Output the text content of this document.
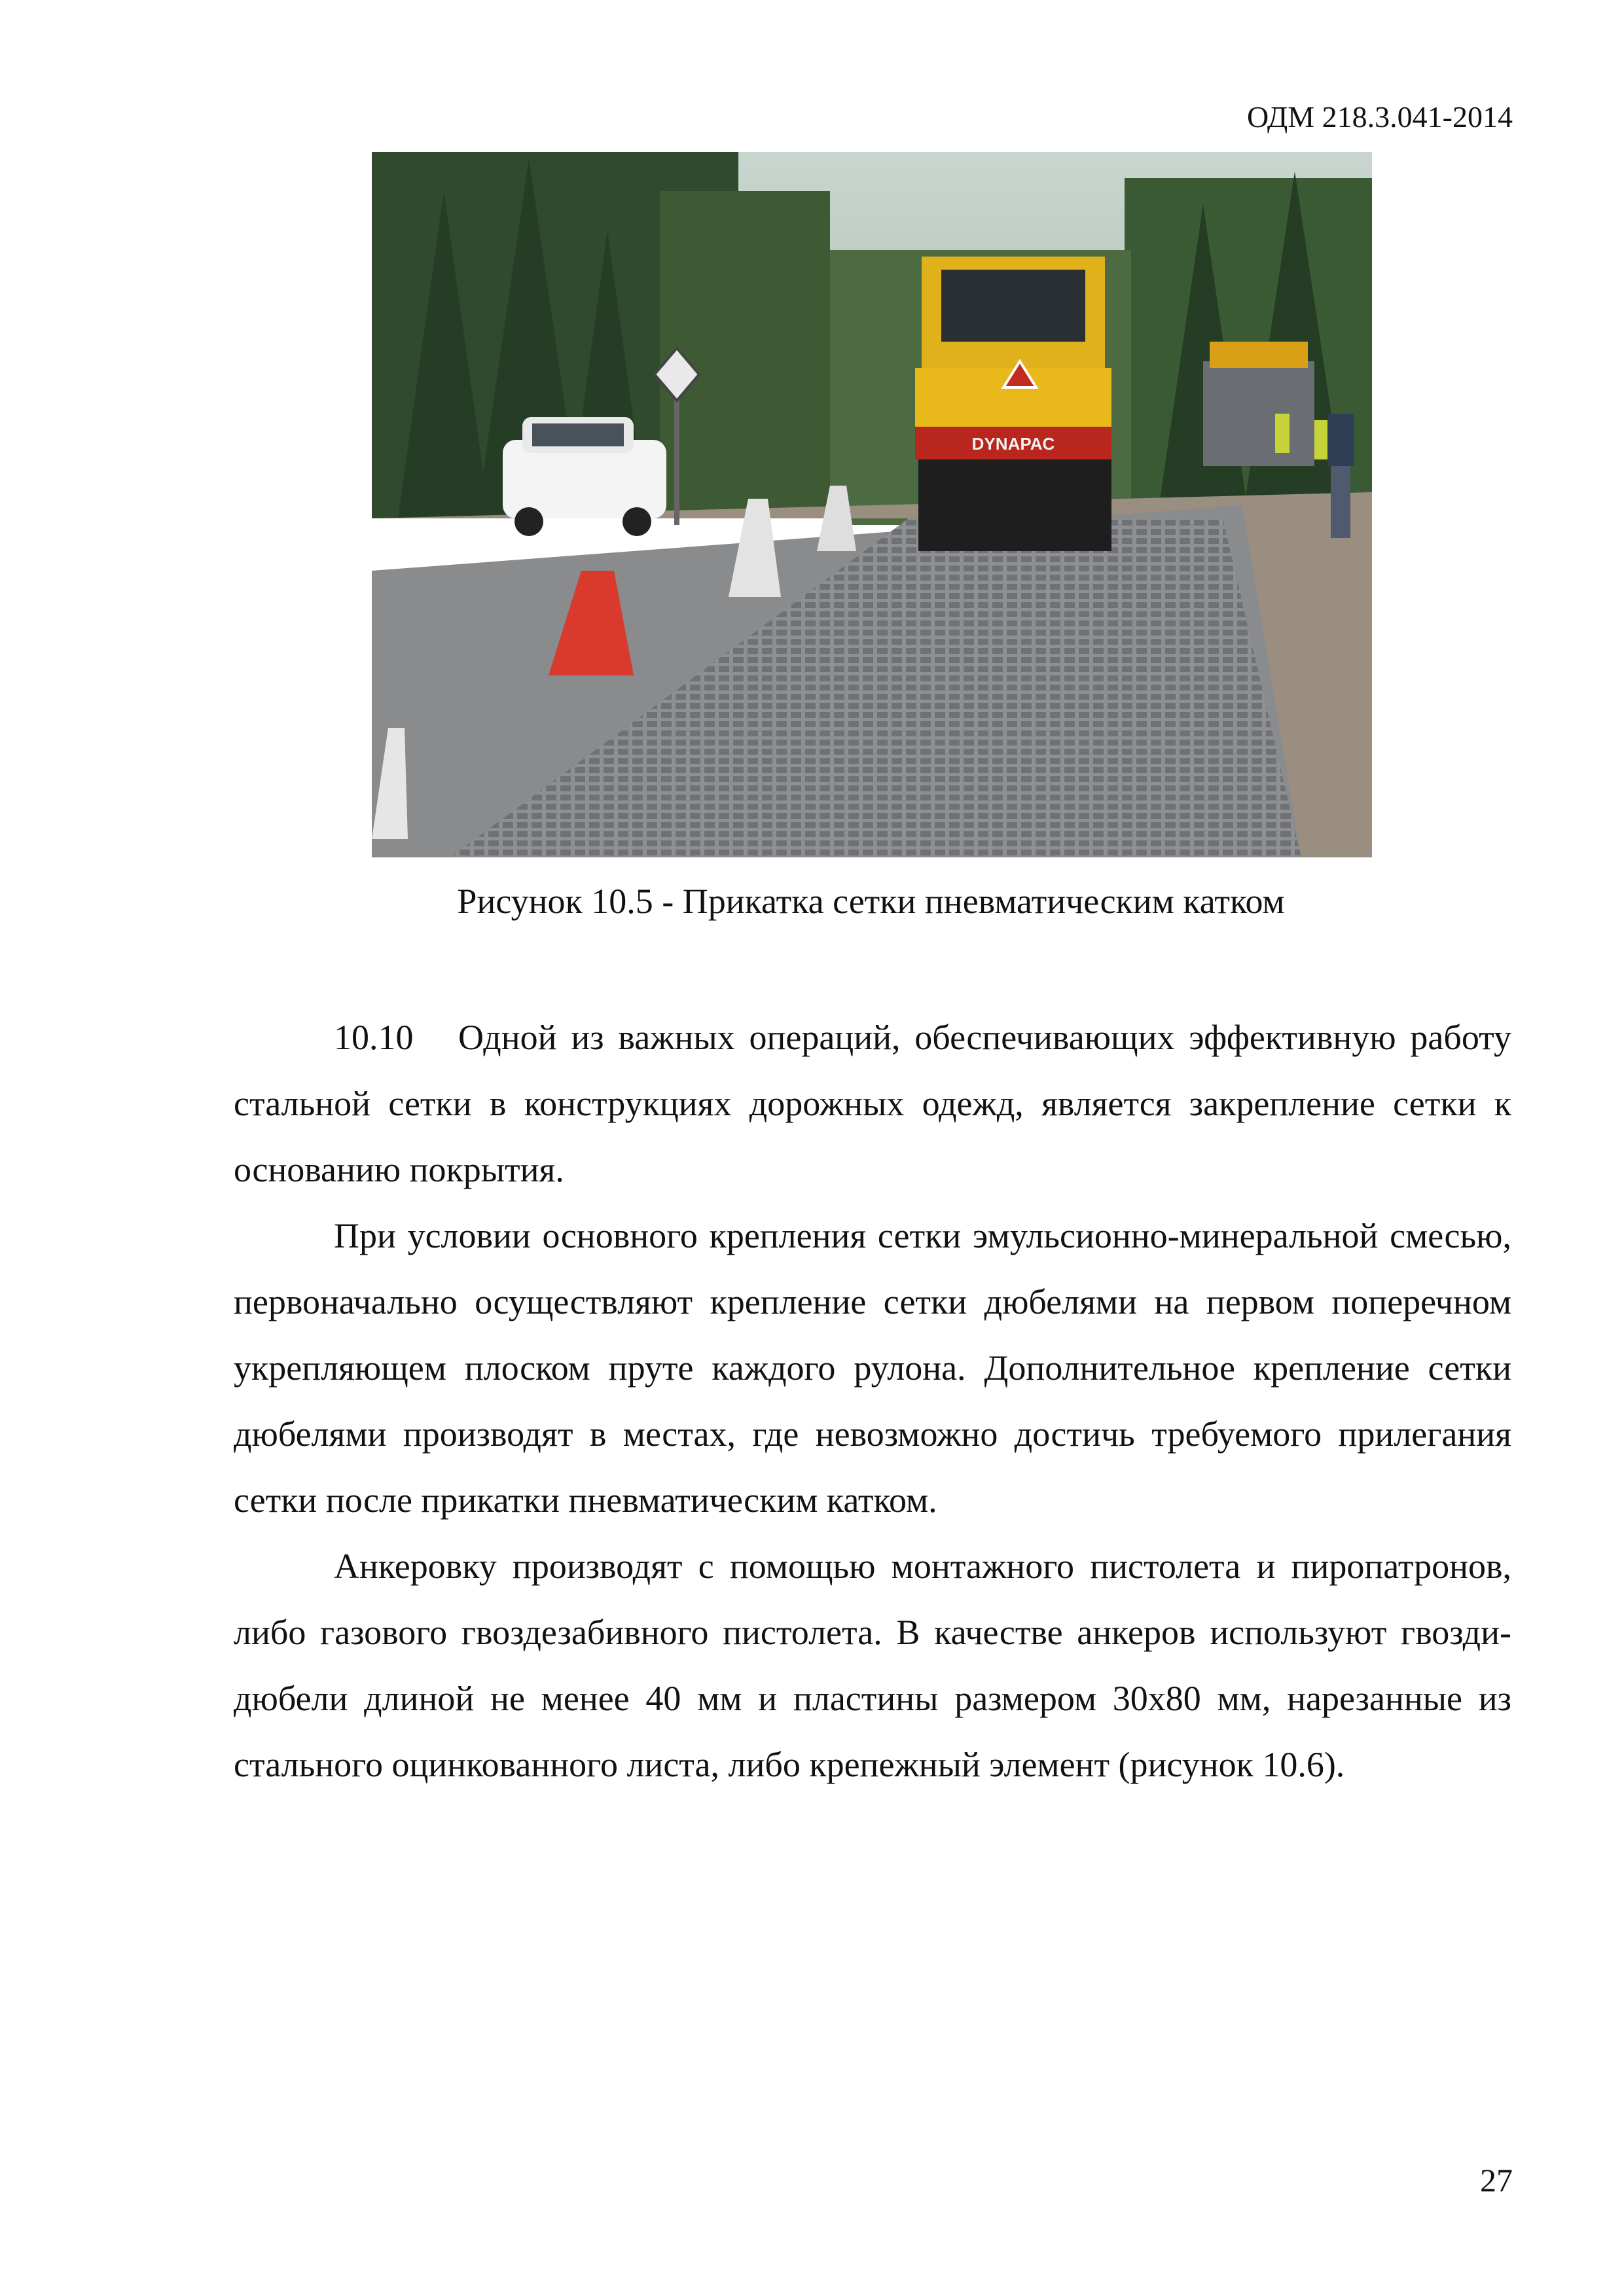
ОДМ 218.3.041-2014
DYNAPAC
Рисунок 10.5 - Прикатка сетки пневматическим катком

10.10 Одной из важных операций, обеспечивающих эффективную работу стальной сетки в конструкциях дорожных одежд, является закрепление сетки к основанию покрытия.

При условии основного крепления сетки эмульсионно-минеральной смесью, первоначально осуществляют крепление сетки дюбелями на первом поперечном укрепляющем плоском пруте каждого рулона. Дополнительное крепление сетки дюбелями производят в местах, где невозможно достичь требуемого прилегания сетки после прикатки пневматическим катком.

Анкеровку производят с помощью монтажного пистолета и пиропатронов, либо газового гвоздезабивного пистолета. В качестве анкеров используют гвозди-дюбели длиной не менее 40 мм и пластины размером 30х80 мм, нарезанные из стального оцинкованного листа, либо крепежный элемент (рисунок 10.6).

27
